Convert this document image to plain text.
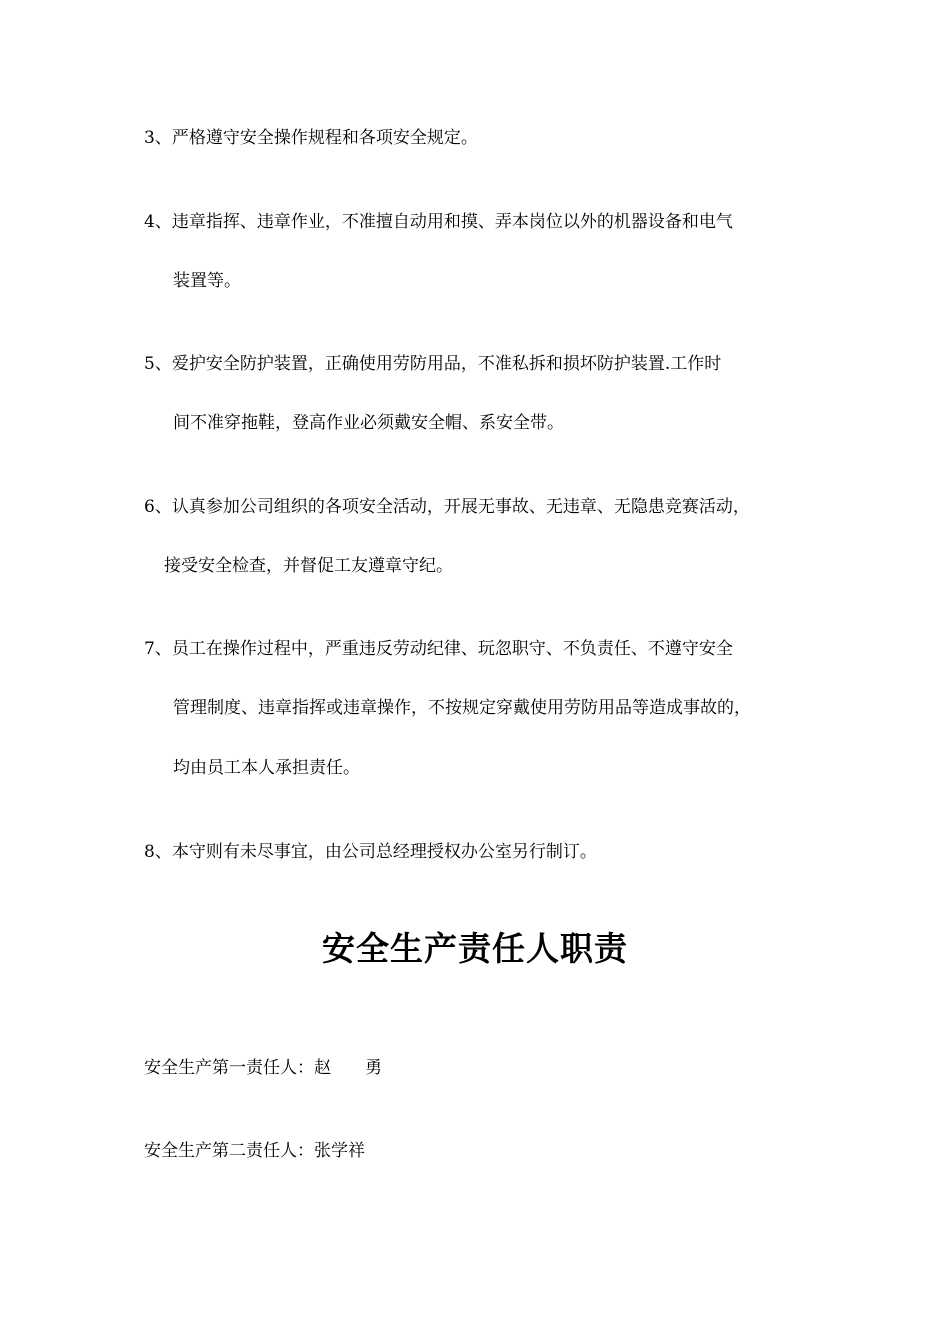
3、严格遵守安全操作规程和各项安全规定。
4、违章指挥、违章作业，不准擅自动用和摸、弄本岗位以外的机器设备和电气
装置等。
5、爱护安全防护装置，正确使用劳防用品，不准私拆和损坏防护装置.工作时
间不准穿拖鞋，登高作业必须戴安全帽、系安全带。
6、认真参加公司组织的各项安全活动，开展无事故、无违章、无隐患竞赛活动，
接受安全检查，并督促工友遵章守纪。
7、员工在操作过程中，严重违反劳动纪律、玩忽职守、不负责任、不遵守安全
管理制度、违章指挥或违章操作，不按规定穿戴使用劳防用品等造成事故的，
均由员工本人承担责任。
8、本守则有未尽事宜，由公司总经理授权办公室另行制订。
安全生产责任人职责
安全生产第一责任人：赵　　勇
安全生产第二责任人：张学祥
